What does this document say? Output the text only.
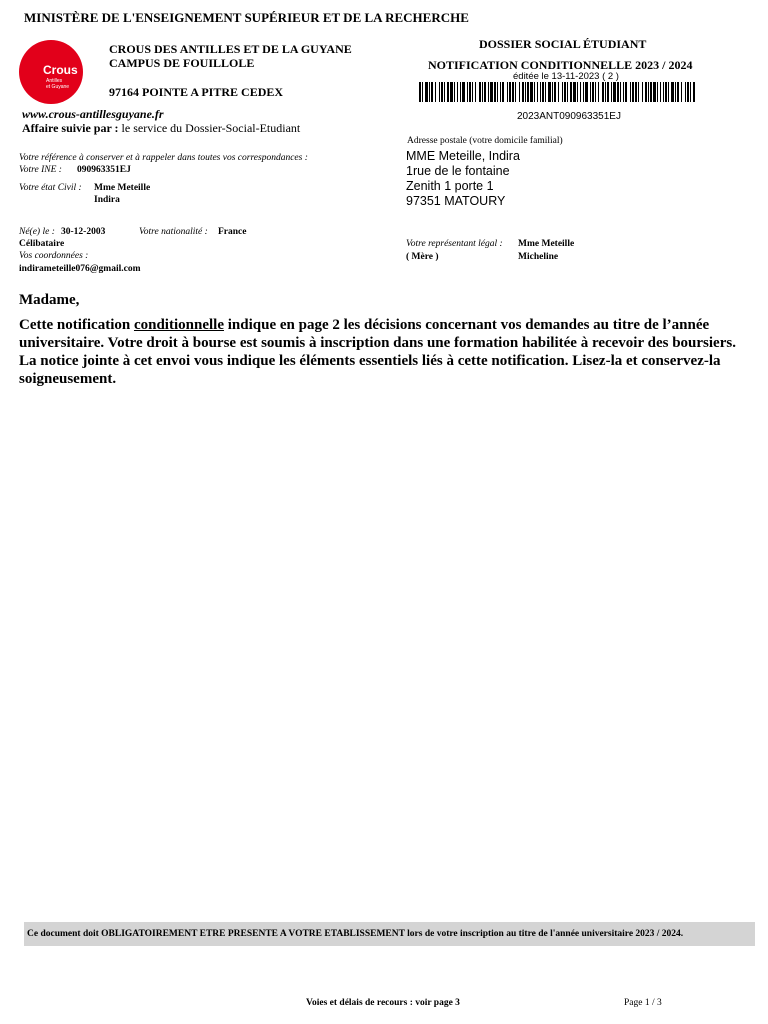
MINISTÈRE DE L'ENSEIGNEMENT SUPÉRIEUR ET DE LA RECHERCHE
Crous
Antilles
et Guyane
CROUS DES ANTILLES ET DE LA GUYANE
CAMPUS DE FOUILLOLE
97164 POINTE A PITRE CEDEX
www.crous-antillesguyane.fr
Affaire suivie par : le service du Dossier-Social-Etudiant
DOSSIER SOCIAL ÉTUDIANT
NOTIFICATION CONDITIONNELLE 2023 / 2024
éditée le 13-11-2023 ( 2 )
2023ANT090963351EJ
Adresse postale (votre domicile familial)
MME Meteille, Indira
1rue de le fontaine
Zenith 1 porte 1
97351 MATOURY
Votre référence à conserver et à rappeler dans toutes vos correspondances :
Votre INE : 090963351EJ
Votre état Civil : Mme Meteille
Indira
Né(e) le : 30-12-2003	Votre nationalité : France
Célibataire
Vos coordonnées :
indirameteille076@gmail.com
Votre représentant légal :
( Mère )
Mme Meteille
Micheline
Madame,
Cette notification conditionnelle indique en page 2 les décisions concernant vos demandes au titre de l’année universitaire. Votre droit à bourse est soumis à inscription dans une formation habilitée à recevoir des boursiers. La notice jointe à cet envoi vous indique les éléments essentiels liés à cette notification. Lisez-la et conservez-la soigneusement.
Ce document doit OBLIGATOIREMENT ETRE PRESENTE A VOTRE ETABLISSEMENT lors de votre inscription au titre de l'année universitaire 2023 / 2024.
Voies et délais de recours : voir page 3	Page 1 / 3
